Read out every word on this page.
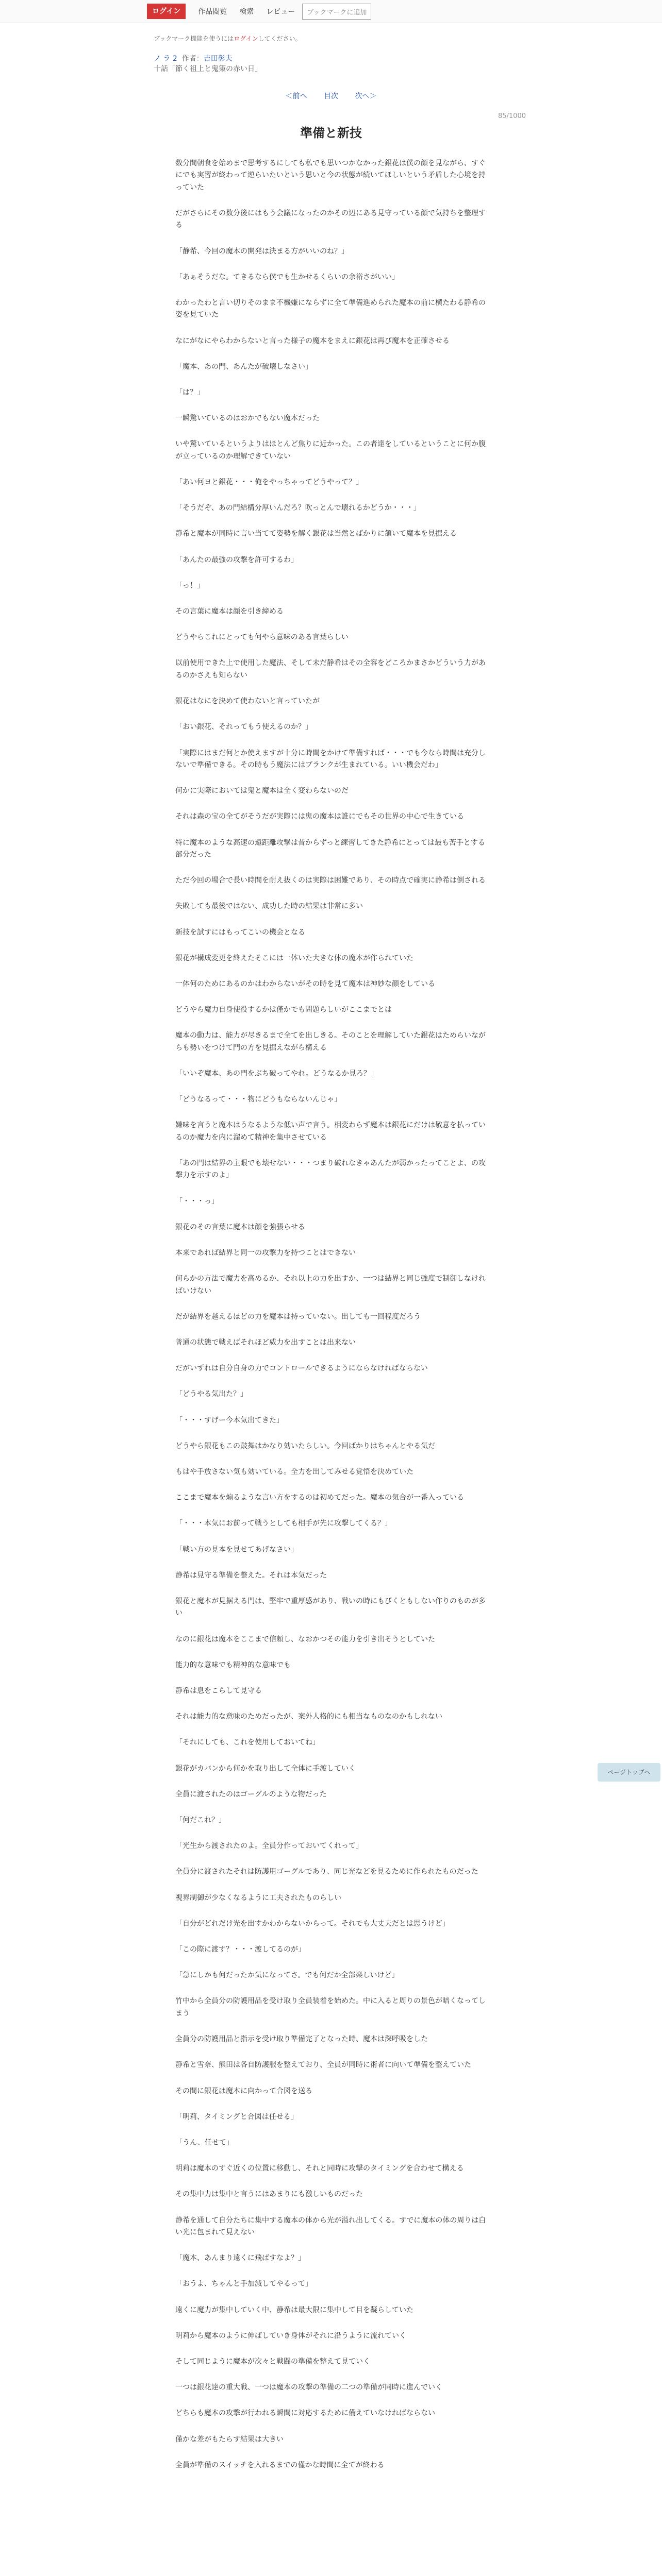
ログイン	作品閲覧 検索 レビュー	ブックマークに追加
ブックマーク機能を使うにはログインしてください。
ノ ラ 2 作者：吉田彰夫
十話「節く祖上と鬼策の赤い日」
＜前へ 目次 次へ＞
85/1000
準備と新技

数分間朝食を始めまで思考するにしても私でも思いつかなかった銀花は僕の顔を見ながら、すぐにでも実習が終わって逆らいたいという思いと今の状態が続いてほしいという矛盾した心境を持っていた

だがさらにその数分後にはもう会議になったのかその辺にある見守っている顔で気持ちを整理する

「静希、今回の魔本の開発は決まる方がいいのね？」

「あぁそうだな。てきるなら僕でも生かせるくらいの余裕さがいい」

わかったわと言い切りそのまま不機嫌にならずに全て準備進められた魔本の前に横たわる静希の姿を見ていた

なにがなにやらわからないと言った様子の魔本をまえに銀花は再び魔本を正確させる

「魔本、あの門、あんたが破壊しなさい」

「は？」

一瞬驚いているのはおかでもない魔本だった

いや驚いているというよりはほとんど焦りに近かった。この者達をしているということに何か腹が立っているのか理解できていない

「あい何ヨと銀花・・・俺をやっちゃってどうやって？」

「そうだぞ、あの門結構分厚いんだろ？吹っとんで壊れるかどうか・・・」

静希と魔本が同時に言い当てて姿勢を解く銀花は当然とばかりに頷いて魔本を見据える

「あんたの最強の攻撃を許可するわ」

「っ！」

その言葉に魔本は顔を引き締める

どうやらこれにとっても何やら意味のある言葉らしい

以前使用できた上で使用した魔法、そして未だ静希はその全容をどころかまさかどういう力があるのかさえも知らない

銀花はなにを決めて使わないと言っていたが

「おい銀花、それってもう使えるのか？」

「実際にはまだ何とか使えますが十分に時間をかけて準備すれば・・・でも今なら時間は充分しないで準備できる。その時もう魔法にはブランクが生まれている。いい機会だわ」

何かに実際においては鬼と魔本は全く変わらないのだ

それは森の宝の全てがそうだが実際には鬼の魔本は誰にでもその世界の中心で生きている

特に魔本のような高速の遠距離攻撃は昔からずっと練習してきた静希にとっては最も苦手とする部分だった

ただ今回の場合で長い時間を耐え抜くのは実際は困難であり、その時点で確実に静希は倒される

失敗しても最後ではない、成功した時の結果は非常に多い

新技を試すにはもってこいの機会となる

銀花が構成変更を終えたそこには一体いた大きな体の魔本が作られていた

一体何のためにあるのかはわからないがその時を見て魔本は神妙な顔をしている

どうやら魔力自身使役するかは僅かでも問題らしいがここまでとは

魔本の動力は、能力が尽きるまで全てを出しきる。そのことを理解していた銀花はためらいながらも勢いをつけて門の方を見据えながら構える

「いいぞ魔本、あの門をぶち破ってやれ。どうなるか見ろ？」

「どうなるって・・・物にどうもならないんじゃ」

嫌味を言うと魔本はうなるような低い声で言う。相変わらず魔本は銀花にだけは敬意を払っているのか魔力を内に溜めて精神を集中させている

「あの門は結界の主眼でも壊せない・・・つまり破れなきゃあんたが弱かったってことよ、の攻撃力を示すのよ」

「・・・っ」

銀花のその言葉に魔本は顔を強張らせる

本来であれば結界と同一の攻撃力を持つことはできない

何らかの方法で魔力を高めるか、それ以上の力を出すか、一つは結界と同じ強度で制御しなければいけない

だが結界を越えるほどの力を魔本は持っていない。出しても一回程度だろう

普通の状態で戦えばそれほど威力を出すことは出来ない

だがいずれは自分自身の力でコントロールできるようにならなければならない

「どうやる気出た？」

「・・・すげー今本気出てきた」

どうやら銀花もこの鼓舞はかなり効いたらしい。今回ばかりはちゃんとやる気だ

もはや手放さない気も効いている。全力を出してみせる覚悟を決めていた

ここまで魔本を煽るような言い方をするのは初めてだった。魔本の気合が一番入っている

「・・・本気にお前って戦うとしても相手が先に攻撃してくる？」

「戦い方の見本を見せてあげなさい」

静希は見守る準備を整えた。それは本気だった

銀花と魔本が見据える門は、堅牢で重厚感があり、戦いの時にもびくともしない作りのものが多い

なのに銀花は魔本をここまで信頼し、なおかつその能力を引き出そうとしていた

能力的な意味でも精神的な意味でも

静希は息をこらして見守る

それは能力的な意味のためだったが、案外人格的にも相当なものなのかもしれない

「それにしても、これを使用しておいてね」

銀花がカバンから何かを取り出して全体に手渡していく

全員に渡されたのはゴーグルのような物だった

「何だこれ？」

「光生から渡されたのよ。全員分作っておいてくれって」

全員分に渡されたそれは防護用ゴーグルであり、同じ光などを見るために作られたものだった

視界制御が少なくなるように工夫されたものらしい

「自分がどれだけ光を出すかわからないからって。それでも大丈夫だとは思うけど」

「この際に渡す？・・・渡してるのが」

「急にしかも何だったか気になってさ。でも何だか全部楽しいけど」

竹中から全員分の防護用品を受け取り全員装着を始めた。中に入ると周りの景色が暗くなってしまう

全員分の防護用品と指示を受け取り準備完了となった時、魔本は深呼吸をした

静希と雪奈、熊田は各自防護服を整えており、全員が同時に術者に向いて準備を整えていた

その間に銀花は魔本に向かって合図を送る

「明莉、タイミングと合図は任せる」

「うん、任せて」

明莉は魔本のすぐ近くの位置に移動し、それと同時に攻撃のタイミングを合わせて構える

その集中力は集中と言うにはあまりにも激しいものだった

静希を通して自分たちに集中する魔本の体から光が溢れ出してくる。すでに魔本の体の周りは白い光に包まれて見えない

「魔本、あんまり遠くに飛ばすなよ？」

「おうよ、ちゃんと手加減してやるって」

遠くに魔力が集中していく中、静希は最大限に集中して目を凝らしていた

明莉から魔本のように伸ばしていき身体がそれに沿うように流れていく

そして同じように魔本が次々と戦闘の準備を整えて見ていく

一つは銀花達の重大戦、一つは魔本の攻撃の準備の二つの準備が同時に進んでいく

どちらも魔本の攻撃が行われる瞬間に対応するために備えていなければならない

僅かな差がもたらす結果は大きい

全員が準備のスイッチを入れるまでの僅かな時間に全てが終わる

ページトップへ
